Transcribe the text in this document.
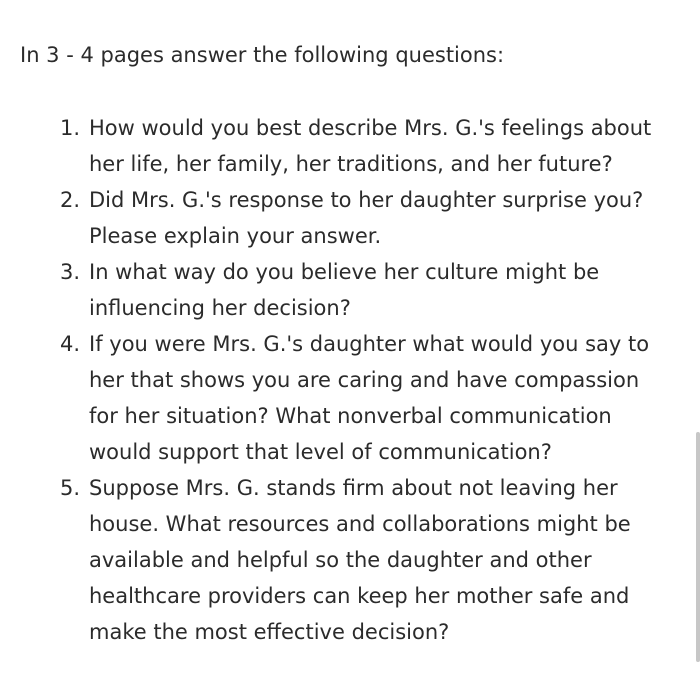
In 3 - 4 pages answer the following questions:

1. How would you best describe Mrs. G.'s feelings about her life, her family, her traditions, and her future?
2. Did Mrs. G.'s response to her daughter surprise you? Please explain your answer.
3. In what way do you believe her culture might be influencing her decision?
4. If you were Mrs. G.'s daughter what would you say to her that shows you are caring and have compassion for her situation? What nonverbal communication would support that level of communication?
5. Suppose Mrs. G. stands firm about not leaving her house. What resources and collaborations might be available and helpful so the daughter and other healthcare providers can keep her mother safe and make the most effective decision?
